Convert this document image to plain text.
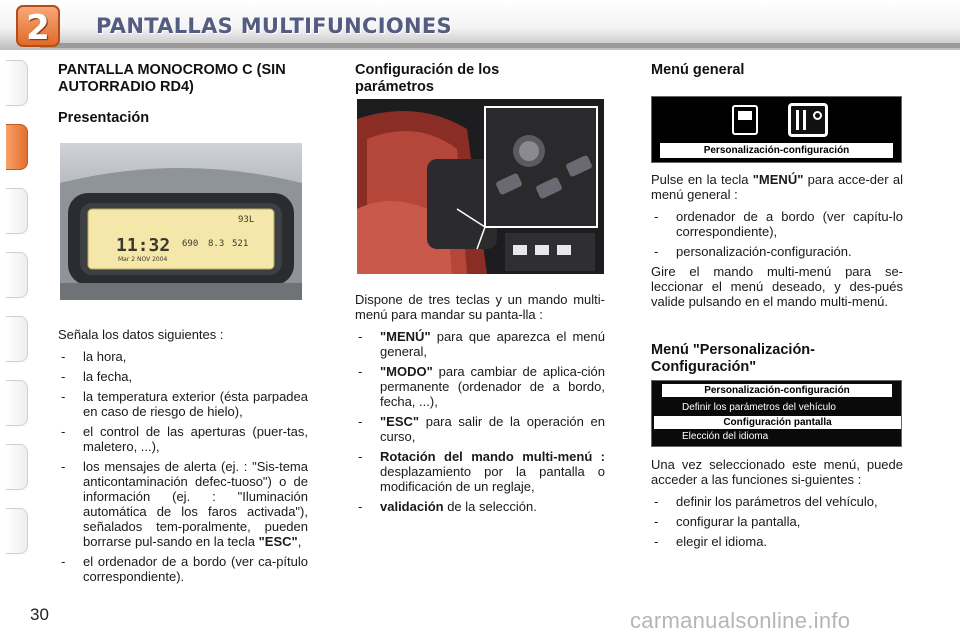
2	PANTALLAS MULTIFUNCIONES

PANTALLA MONOCROMO C (SIN AUTORRADIO RD4)

Presentación

11:32
93L
690 8.3 521
Mar 2 NOV 2004

Señala los datos siguientes :

- la hora,
- la fecha,
- la temperatura exterior (ésta parpadea en caso de riesgo de hielo),
- el control de las aperturas (puer-tas, maletero, ...),
- los mensajes de alerta (ej. : "Sis-tema anticontaminación defec-tuoso") o de información (ej. : "Iluminación automática de los faros activada"), señalados tem-poralmente, pueden borrarse pul-sando en la tecla "ESC",
- el ordenador de a bordo (ver ca-pítulo correspondiente).

Configuración de los parámetros

Dispone de tres teclas y un mando multi-menú para mandar su panta-lla :

- "MENÚ" para que aparezca el menú general,
- "MODO" para cambiar de aplica-ción permanente (ordenador de a bordo, fecha, ...),
- "ESC" para salir de la operación en curso,
- Rotación del mando multi-menú : desplazamiento por la pantalla o modificación de un reglaje,
- validación de la selección.

Menú general

Personalización-configuración

Pulse en la tecla "MENÚ" para acce-der al menú general :

- ordenador de a bordo (ver capítu-lo correspondiente),
- personalización-configuración.

Gire el mando multi-menú para se-leccionar el menú deseado, y des-pués valide pulsando en el mando multi-menú.

Menú "Personalización-Configuración"

Personalización-configuración
Definir los parámetros del vehículo
Configuración pantalla
Elección del idioma

Una vez seleccionado este menú, puede acceder a las funciones si-guientes :

- definir los parámetros del vehículo,
- configurar la pantalla,
- elegir el idioma.
30	carmanualsonline.info
